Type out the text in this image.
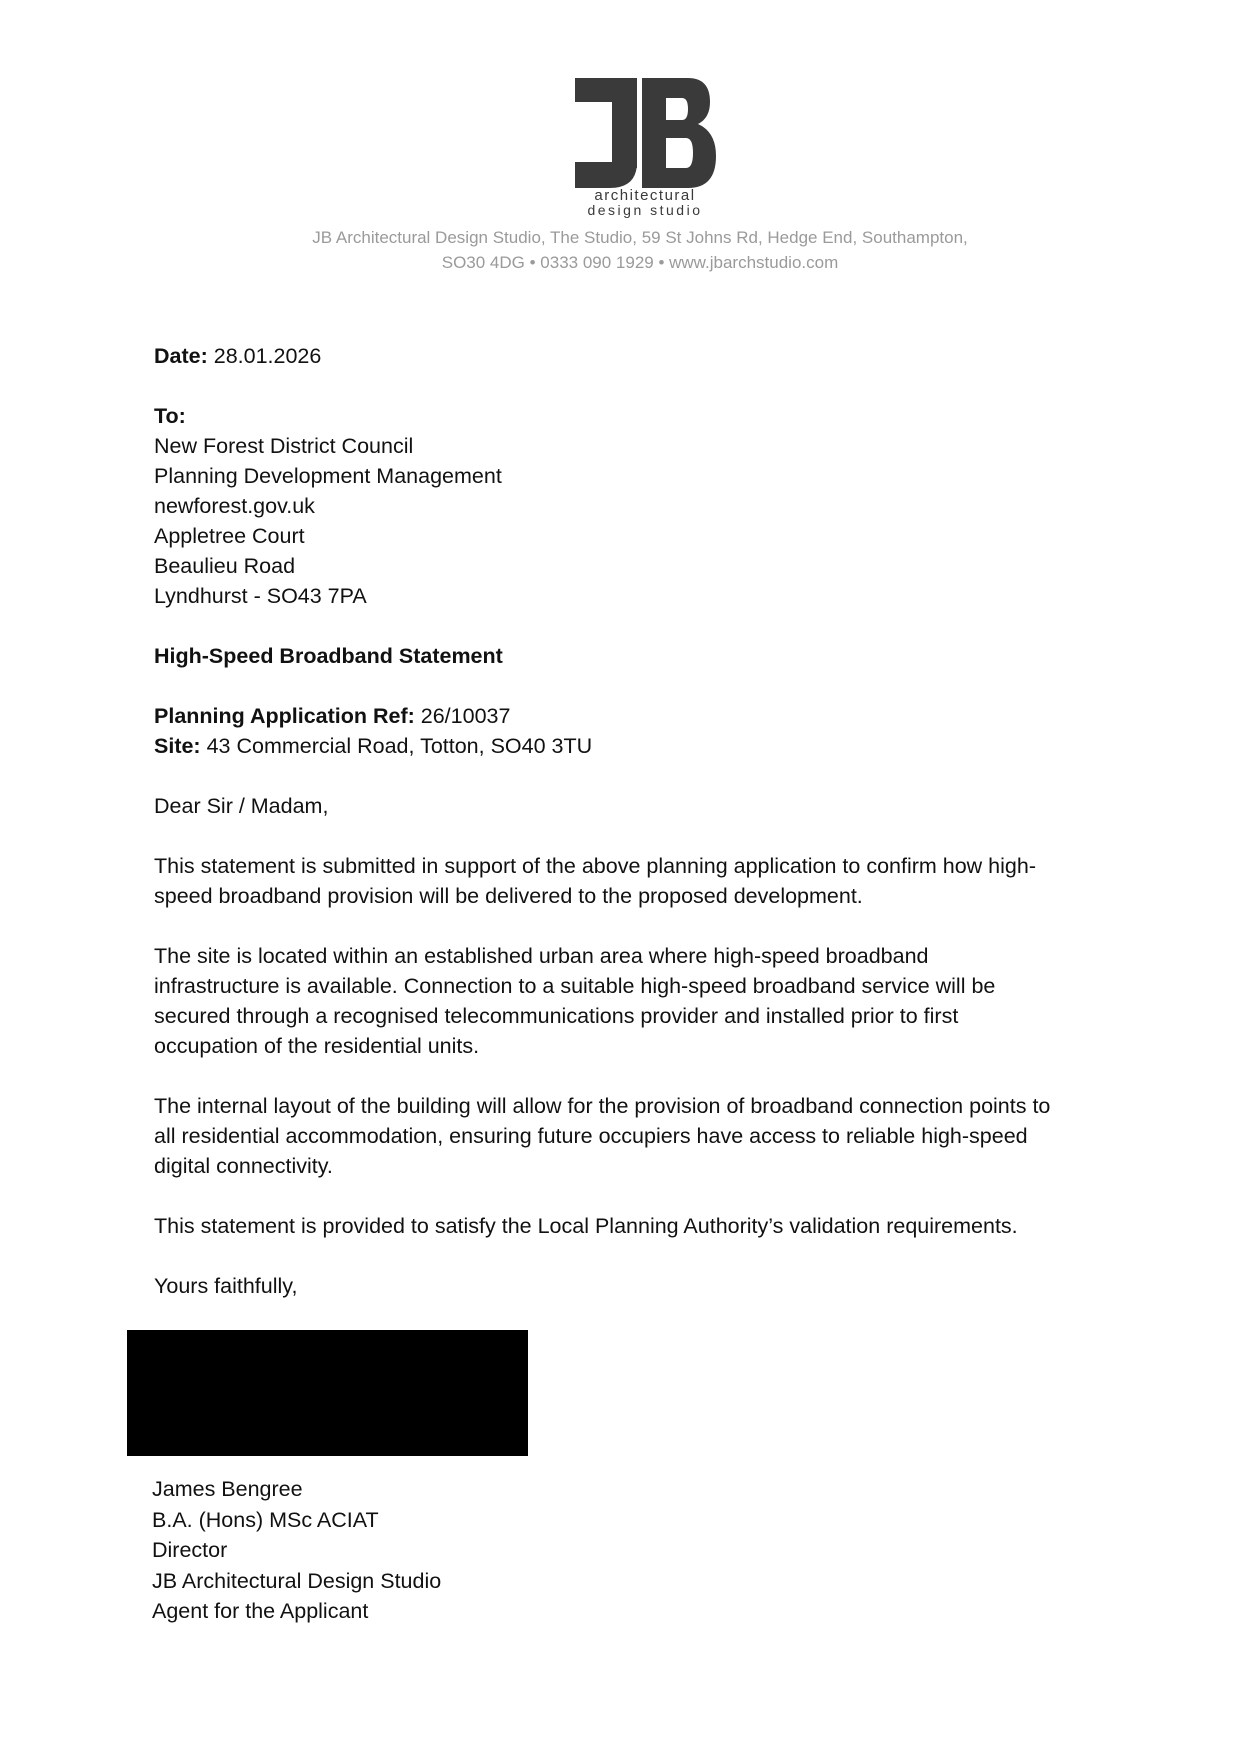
architectural
design studio
JB
JB Architectural Design Studio, The Studio, 59 St Johns Rd, Hedge End, Southampton,
SO30 4DG • 0333 090 1929 • www.jbarchstudio.com

Date: 28.01.2026

To:

New Forest District Council

Planning Development Management

newforest.gov.uk

Appletree Court

Beaulieu Road

Lyndhurst - SO43 7PA

High-Speed Broadband Statement

Planning Application Ref: 26/10037

Site: 43 Commercial Road, Totton, SO40 3TU

Dear Sir / Madam,

This statement is submitted in support of the above planning application to confirm how high-

speed broadband provision will be delivered to the proposed development.

The site is located within an established urban area where high-speed broadband

infrastructure is available. Connection to a suitable high-speed broadband service will be

secured through a recognised telecommunications provider and installed prior to first

occupation of the residential units.

The internal layout of the building will allow for the provision of broadband connection points to

all residential accommodation, ensuring future occupiers have access to reliable high-speed

digital connectivity.

This statement is provided to satisfy the Local Planning Authority’s validation requirements.

Yours faithfully,

James Bengree
B.A. (Hons) MSc ACIAT
Director
JB Architectural Design Studio
Agent for the Applicant
